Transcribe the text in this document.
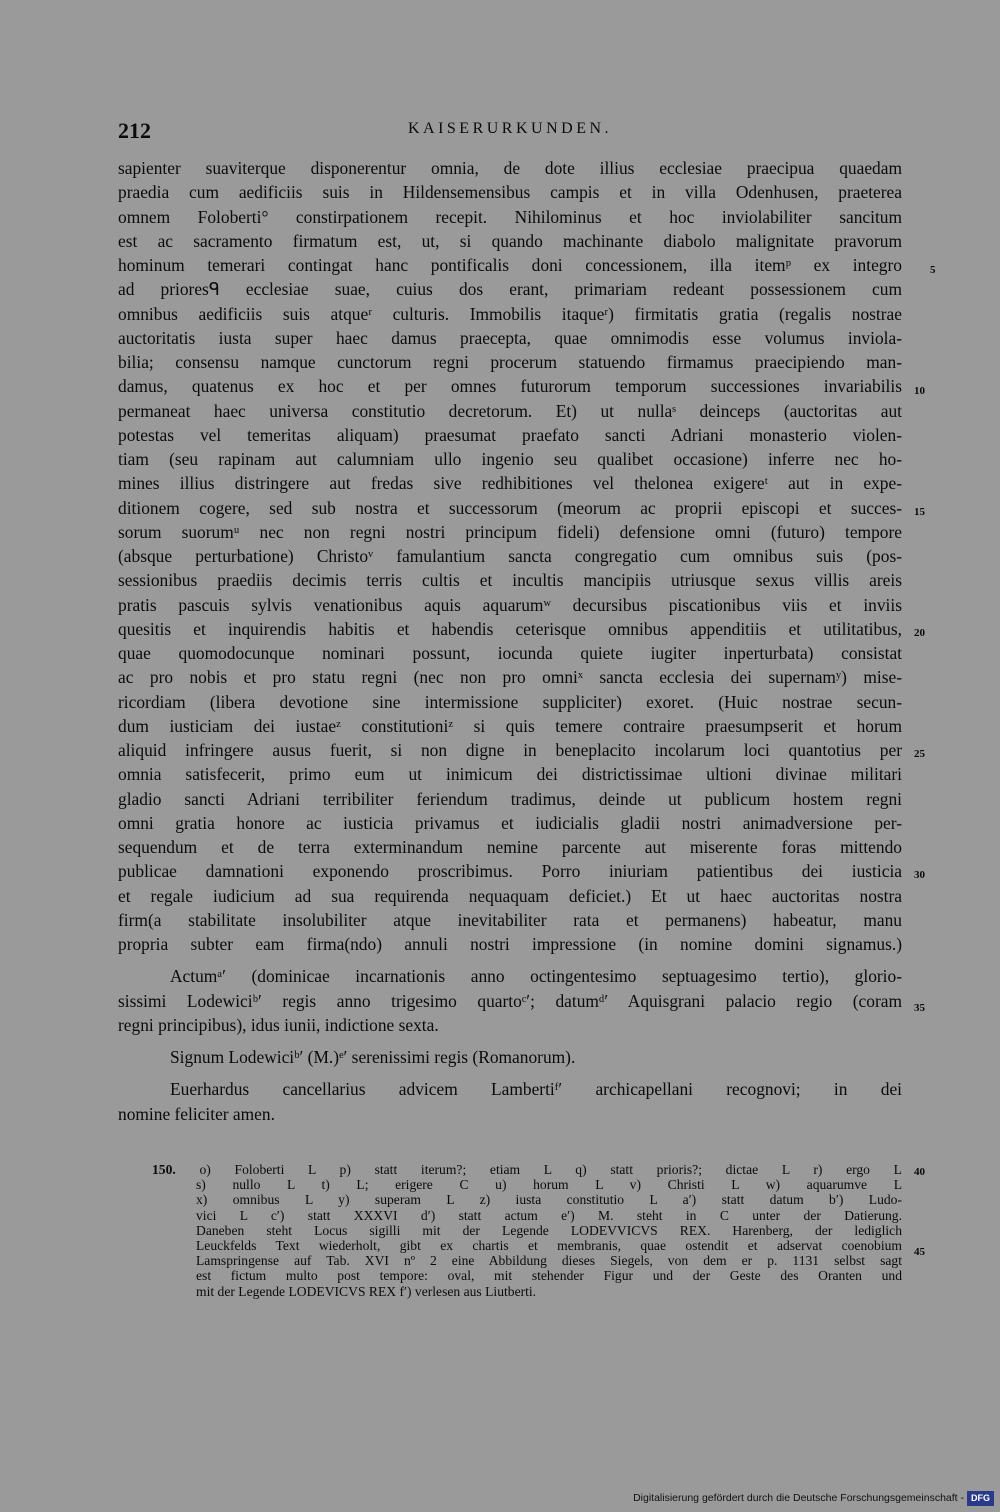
212	KAISERURKUNDEN.
sapienter suaviterque disponerentur omnia, de dote illius ecclesiae praecipua quaedam
praedia cum aedificiis suis in Hildensemensibus campis et in villa Odenhusen, praeterea
omnem Foloberti° constirpationem recepit. Nihilominus et hoc inviolabiliter sancitum
est ac sacramento firmatum est, ut, si quando machinante diabolo malignitate pravorum
hominum temerari contingat hanc pontificalis doni concessionem, illa itemᵖ ex integro
ad prioresᑫ ecclesiae suae, cuius dos erant, primariam redeant possessionem cum
omnibus aedificiis suis atqueʳ culturis. Immobilis itaqueʳ) firmitatis gratia (regalis nostrae
auctoritatis iusta super haec damus praecepta, quae omnimodis esse volumus inviola-
bilia; consensu namque cunctorum regni procerum statuendo firmamus praecipiendo man-
damus, quatenus ex hoc et per omnes futurorum temporum successiones invariabilis
permaneat haec universa constitutio decretorum. Et) ut nullaˢ deinceps (auctoritas aut
potestas vel temeritas aliquam) praesumat praefato sancti Adriani monasterio violen-
tiam (seu rapinam aut calumniam ullo ingenio seu qualibet occasione) inferre nec ho-
mines illius distringere aut fredas sive redhibitiones vel thelonea exigereᵗ aut in expe-
ditionem cogere, sed sub nostra et successorum (meorum ac proprii episcopi et succes-
sorum suorumᵘ nec non regni nostri principum fideli) defensione omni (futuro) tempore
(absque perturbatione) Christoᵛ famulantium sancta congregatio cum omnibus suis (pos-
sessionibus praediis decimis terris cultis et incultis mancipiis utriusque sexus villis areis
pratis pascuis sylvis venationibus aquis aquarumʷ decursibus piscationibus viis et inviis
quesitis et inquirendis habitis et habendis ceterisque omnibus appenditiis et utilitatibus,
quae quomodocunque nominari possunt, iocunda quiete iugiter inperturbata) consistat
ac pro nobis et pro statu regni (nec non pro omniˣ sancta ecclesia dei supernamʸ) mise-
ricordiam (libera devotione sine intermissione suppliciter) exoret. (Huic nostrae secun-
dum iusticiam dei iustaeᶻ constitutioniᶻ si quis temere contraire praesumpserit et horum
aliquid infringere ausus fuerit, si non digne in beneplacito incolarum loci quantotius per
omnia satisfecerit, primo eum ut inimicum dei districtissimae ultioni divinae militari
gladio sancti Adriani terribiliter feriendum tradimus, deinde ut publicum hostem regni
omni gratia honore ac iusticia privamus et iudicialis gladii nostri animadversione per-
sequendum et de terra exterminandum nemine parcente aut miserente foras mittendo
publicae damnationi exponendo proscribimus. Porro iniuriam patientibus dei iusticia
et regale iudicium ad sua requirenda nequaquam deficiet.) Et ut haec auctoritas nostra
firm(a stabilitate insolubiliter atque inevitabiliter rata et permanens) habeatur, manu
propria subter eam firma(ndo) annuli nostri impressione (in nomine domini signamus.)
Actumᵃ′ (dominicae incarnationis anno octingentesimo septuagesimo tertio), glorio-
sissimi Lodewiciᵇ′ regis anno trigesimo quartoᶜ′; datumᵈ′ Aquisgrani palacio regio (coram
regni principibus), idus iunii, indictione sexta.
Signum Lodewiciᵇ′ (M.)ᵉ′ serenissimi regis (Romanorum).
Euerhardus cancellarius advicem Lambertiᶠ′ archicapellani recognovi; in dei
nomine feliciter amen.
5
10
15
20
25
30
35
40
45
150. o) Foloberti L p) statt iterum?; etiam L q) statt prioris?; dictae L r) ergo L
s) nullo L t) L; erigere C u) horum L v) Christi L w) aquarumve L
x) omnibus L y) superam L z) iusta constitutio L a′) statt datum b′) Ludo-
vici L c′) statt XXXVI d′) statt actum e′) M. steht in C unter der Datierung.
Daneben steht Locus sigilli mit der Legende LODEVVICVS REX. Harenberg, der lediglich
Leuckfelds Text wiederholt, gibt ex chartis et membranis, quae ostendit et adservat coenobium
Lamspringense auf Tab. XVI nº 2 eine Abbildung dieses Siegels, von dem er p. 1131 selbst sagt
est fictum multo post tempore: oval, mit stehender Figur und der Geste des Oranten und
mit der Legende LODEVICVS REX f′) verlesen aus Liutberti.
Digitalisierung gefördert durch die Deutsche Forschungsgemeinschaft - DFG
